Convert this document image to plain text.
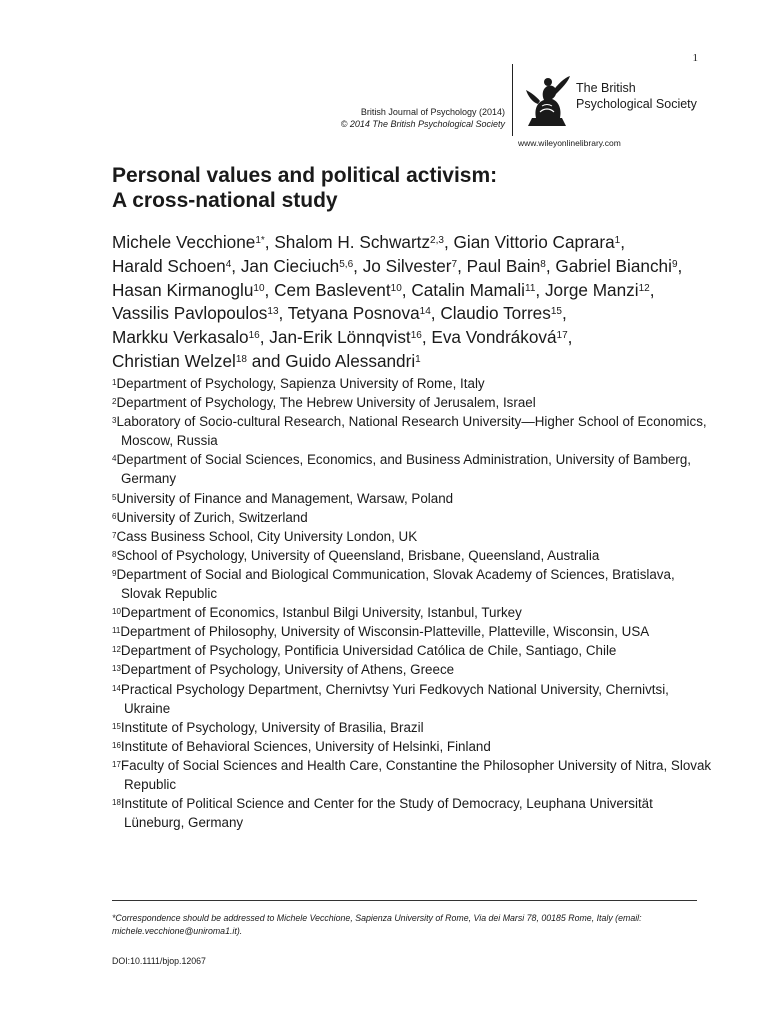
1
British Journal of Psychology (2014)
© 2014 The British Psychological Society
The British
Psychological Society
www.wileyonlinelibrary.com
Personal values and political activism:
A cross-national study
Michele Vecchione$^{1*}$, Shalom H. Schwartz$^{2,3}$, Gian Vittorio Caprara$^1$, Harald Schoen$^4$, Jan Cieciuch$^{5,6}$, Jo Silvester$^7$, Paul Bain$^8$, Gabriel Bianchi$^9$, Hasan Kirmanoglu$^{10}$, Cem Baslevent$^{10}$, Catalin Mamali$^{11}$, Jorge Manzi$^{12}$, Vassilis Pavlopoulos$^{13}$, Tetyana Posnova$^{14}$, Claudio Torres$^{15}$, Markku Verkasalo$^{16}$, Jan-Erik Lönnqvist$^{16}$, Eva Vondráková$^{17}$, Christian Welzel$^{18}$ and Guido Alessandri$^1$
$^1$Department of Psychology, Sapienza University of Rome, Italy
$^2$Department of Psychology, The Hebrew University of Jerusalem, Israel
$^3$Laboratory of Socio-cultural Research, National Research University—Higher School of Economics, Moscow, Russia
$^4$Department of Social Sciences, Economics, and Business Administration, University of Bamberg, Germany
$^5$University of Finance and Management, Warsaw, Poland
$^6$University of Zurich, Switzerland
$^7$Cass Business School, City University London, UK
$^8$School of Psychology, University of Queensland, Brisbane, Queensland, Australia
$^9$Department of Social and Biological Communication, Slovak Academy of Sciences, Bratislava, Slovak Republic
$^{10}$Department of Economics, Istanbul Bilgi University, Istanbul, Turkey
$^{11}$Department of Philosophy, University of Wisconsin-Platteville, Platteville, Wisconsin, USA
$^{12}$Department of Psychology, Pontificia Universidad Católica de Chile, Santiago, Chile
$^{13}$Department of Psychology, University of Athens, Greece
$^{14}$Practical Psychology Department, Chernivtsy Yuri Fedkovych National University, Chernivtsi, Ukraine
$^{15}$Institute of Psychology, University of Brasilia, Brazil
$^{16}$Institute of Behavioral Sciences, University of Helsinki, Finland
$^{17}$Faculty of Social Sciences and Health Care, Constantine the Philosopher University of Nitra, Slovak Republic
$^{18}$Institute of Political Science and Center for the Study of Democracy, Leuphana Universität Lüneburg, Germany
*Correspondence should be addressed to Michele Vecchione, Sapienza University of Rome, Via dei Marsi 78, 00185 Rome, Italy (email: michele.vecchione@uniroma1.it).
DOI:10.1111/bjop.12067
